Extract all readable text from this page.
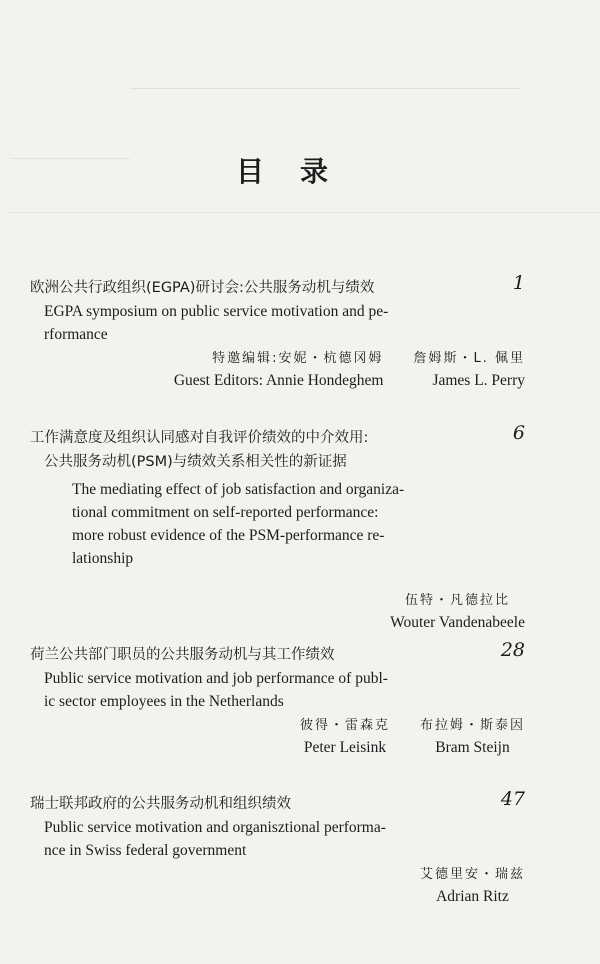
目录
欧洲公共行政组织(EGPA)研讨会:公共服务动机与绩效	1
EGPA symposium on public service motivation and pe-
rformance
特邀编辑:安妮・杭德冈姆
Guest Editors: Annie Hondeghem
詹姆斯・L. 佩里
James L. Perry
工作满意度及组织认同感对自我评价绩效的中介效用:
公共服务动机(PSM)与绩效关系相关性的新证据
6
The mediating effect of job satisfaction and organiza-
tional commitment on self-reported performance:
more robust evidence of the PSM-performance re-
lationship
伍特・凡德拉比
Wouter Vandenabeele
荷兰公共部门职员的公共服务动机与其工作绩效	28
Public service motivation and job performance of publ-
ic sector employees in the Netherlands
彼得・雷森克
Peter Leisink
布拉姆・斯泰因
Bram Steijn
瑞士联邦政府的公共服务动机和组织绩效	47
Public service motivation and organisztional performa-
nce in Swiss federal government
艾德里安・瑞兹
Adrian Ritz
